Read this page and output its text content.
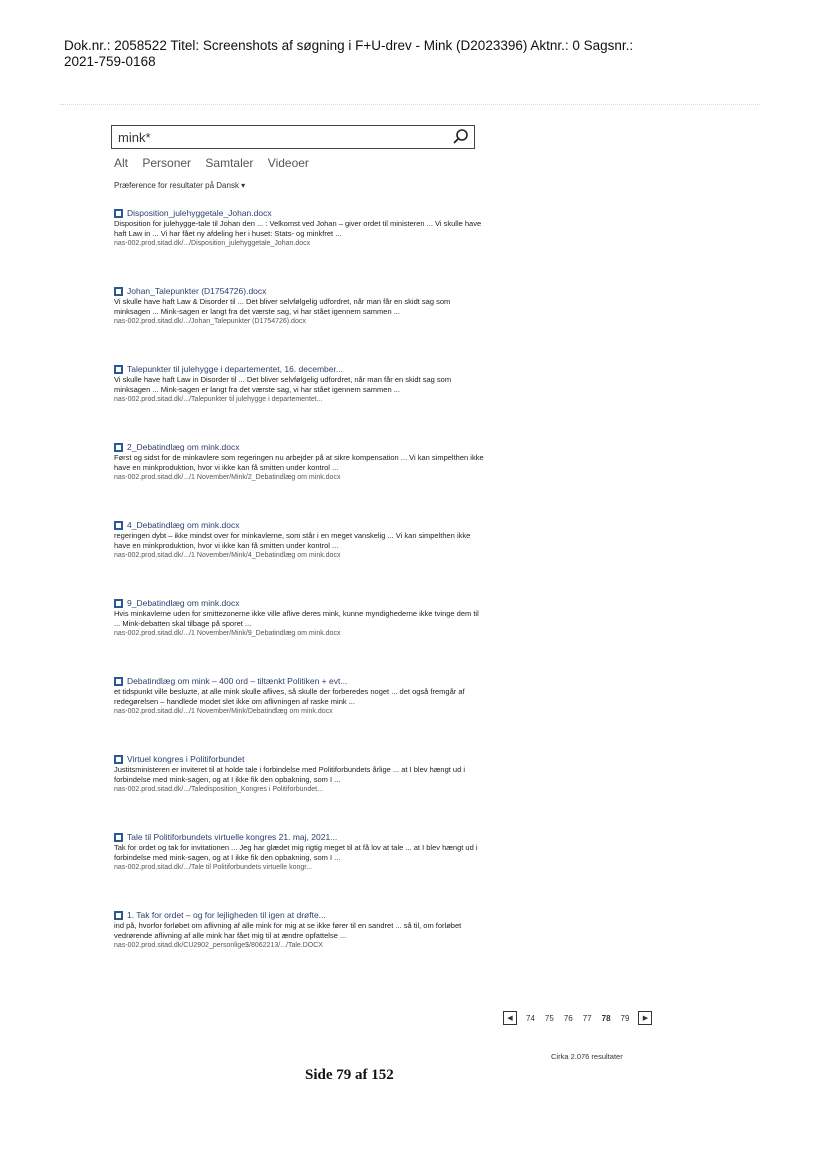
Dok.nr.: 2058522 Titel: Screenshots af søgning i F+U-drev - Mink (D2023396) Aktnr.: 0 Sagsnr.:
2021-759-0168
mink*
Alt Personer Samtaler Videoer
Præference for resultater på Dansk ▾
Disposition_julehyggetale_Johan.docx
Disposition for julehygge-tale til Johan den ... : Velkomst ved Johan – giver ordet til ministeren ... Vi skulle have haft Law in ... Vi har fået ny afdeling her i huset: Stats- og minkfret ...
nas-002.prod.sitad.dk/.../Disposition_julehyggetale_Johan.docx
Johan_Talepunkter (D1754726).docx
Vi skulle have haft Law & Disorder til ... Det bliver selvfølgelig udfordret, når man får en skidt sag som minksagen ... Mink-sagen er langt fra det værste sag, vi har stået igennem sammen ...
nas-002.prod.sitad.dk/.../Johan_Talepunkter (D1754726).docx
Talepunkter til julehygge i departementet, 16. december...
Vi skulle have haft Law in Disorder til ... Det bliver selvfølgelig udfordret, når man får en skidt sag som minksagen ... Mink-sagen er langt fra det værste sag, vi har stået igennem sammen ...
nas-002.prod.sitad.dk/.../Talepunkter til julehygge i departementet...
2_Debatindlæg om mink.docx
Først og sidst for de minkavlere som regeringen nu arbejder på at sikre kompensation ... Vi kan simpelthen ikke have en minkproduktion, hvor vi ikke kan få smitten under kontrol ...
nas-002.prod.sitad.dk/.../1 November/Mink/2_Debatindlæg om mink.docx
4_Debatindlæg om mink.docx
regeringen dybt – ikke mindst over for minkavlerne, som står i en meget vanskelig ... Vi kan simpelthen ikke have en minkproduktion, hvor vi ikke kan få smitten under kontrol ...
nas-002.prod.sitad.dk/.../1 November/Mink/4_Debatindlæg om mink.docx
9_Debatindlæg om mink.docx
Hvis minkavlerne uden for smittezonerne ikke ville aflive deres mink, kunne myndighederne ikke tvinge dem til ... Mink-debatten skal tilbage på sporet ...
nas-002.prod.sitad.dk/.../1 November/Mink/9_Debatindlæg om mink.docx
Debatindlæg om mink – 400 ord – tiltænkt Politiken + evt...
et tidspunkt ville besluzte, at alle mink skulle aflives, så skulle der forberedes noget ... det også fremgår af redegørelsen – handlede modet slet ikke om aflivningen af raske mink ...
nas-002.prod.sitad.dk/.../1 November/Mink/Debatindlæg om mink.docx
Virtuel kongres i Politiforbundet
Justitsministeren er inviteret til at holde tale i forbindelse med Politiforbundets årlige ... at I blev hængt ud i forbindelse med mink-sagen, og at I ikke fik den opbakning, som I ...
nas-002.prod.sitad.dk/.../Taledisposition_Kongres i Politiforbundet...
Tale til Politiforbundets virtuelle kongres 21. maj, 2021...
Tak for ordet og tak for invitationen ... Jeg har glædet mig rigtig meget til at få lov at tale ... at I blev hængt ud i forbindelse med mink-sagen, og at I ikke fik den opbakning, som I ...
nas-002.prod.sitad.dk/.../Tale til Politiforbundets virtuelle kongr...
1. Tak for ordet – og for lejligheden til igen at drøfte...
ind på, hvorfor forløbet om aflivning af alle mink for mig at se ikke fører til en sandret ... så til, om forløbet vedrørende aflivning af alle mink har fået mig til at ændre opfattelse ...
nas-002.prod.sitad.dk/CU2902_personlige$/8062213/.../Tale.DOCX
◀	74 75 76 77 78 79	▶
Cirka 2.076 resultater
Side 79 af 152
